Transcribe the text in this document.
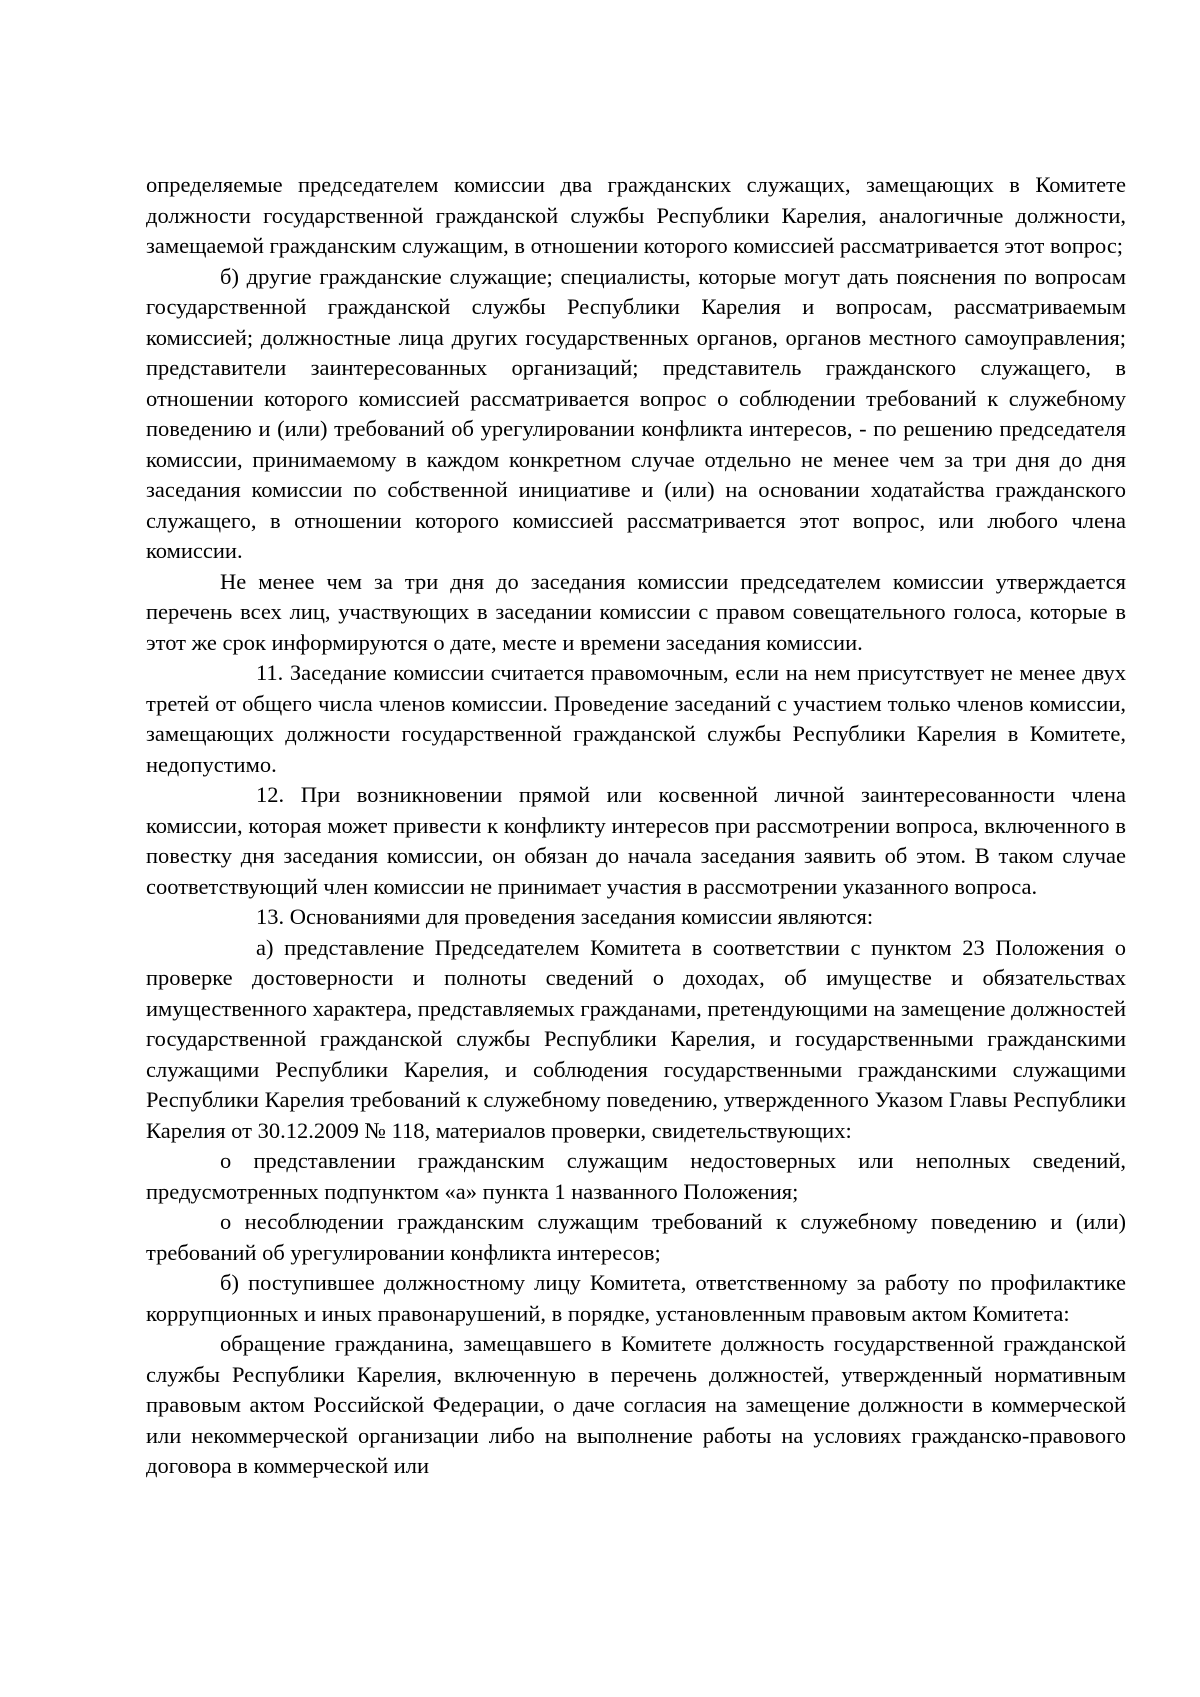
определяемые председателем комиссии два гражданских служащих, замещающих в Комитете должности государственной гражданской службы Республики Карелия, аналогичные должности, замещаемой гражданским служащим, в отношении которого комиссией рассматривается этот вопрос;

б) другие гражданские служащие; специалисты, которые могут дать пояснения по вопросам государственной гражданской службы Республики Карелия и вопросам, рассматриваемым комиссией; должностные лица других государственных органов, органов местного самоуправления; представители заинтересованных организаций; представитель гражданского служащего, в отношении которого комиссией рассматривается вопрос о соблюдении требований к служебному поведению и (или) требований об урегулировании конфликта интересов, - по решению председателя комиссии, принимаемому в каждом конкретном случае отдельно не менее чем за три дня до дня заседания комиссии по собственной инициативе и (или) на основании ходатайства гражданского служащего, в отношении которого комиссией рассматривается этот вопрос, или любого члена комиссии.

Не менее чем за три дня до заседания комиссии председателем комиссии утверждается перечень всех лиц, участвующих в заседании комиссии с правом совещательного голоса, которые в этот же срок информируются о дате, месте и времени заседания комиссии.

11. Заседание комиссии считается правомочным, если на нем присутствует не менее двух третей от общего числа членов комиссии. Проведение заседаний с участием только членов комиссии, замещающих должности государственной гражданской службы Республики Карелия в Комитете, недопустимо.

12. При возникновении прямой или косвенной личной заинтересованности члена комиссии, которая может привести к конфликту интересов при рассмотрении вопроса, включенного в повестку дня заседания комиссии, он обязан до начала заседания заявить об этом. В таком случае соответствующий член комиссии не принимает участия в рассмотрении указанного вопроса.

13. Основаниями для проведения заседания комиссии являются:

а) представление Председателем Комитета в соответствии с пунктом 23 Положения о проверке достоверности и полноты сведений о доходах, об имуществе и обязательствах имущественного характера, представляемых гражданами, претендующими на замещение должностей государственной гражданской службы Республики Карелия, и государственными гражданскими служащими Республики Карелия, и соблюдения государственными гражданскими служащими Республики Карелия требований к служебному поведению, утвержденного Указом Главы Республики Карелия от 30.12.2009 № 118, материалов проверки, свидетельствующих:

о представлении гражданским служащим недостоверных или неполных сведений, предусмотренных подпунктом «а» пункта 1 названного Положения;

о несоблюдении гражданским служащим требований к служебному поведению и (или) требований об урегулировании конфликта интересов;

б) поступившее должностному лицу Комитета, ответственному за работу по профилактике коррупционных и иных правонарушений, в порядке, установленным правовым актом Комитета:

обращение гражданина, замещавшего в Комитете должность государственной гражданской службы Республики Карелия, включенную в перечень должностей, утвержденный нормативным правовым актом Российской Федерации, о даче согласия на замещение должности в коммерческой или некоммерческой организации либо на выполнение работы на условиях гражданско-правового договора в коммерческой или
